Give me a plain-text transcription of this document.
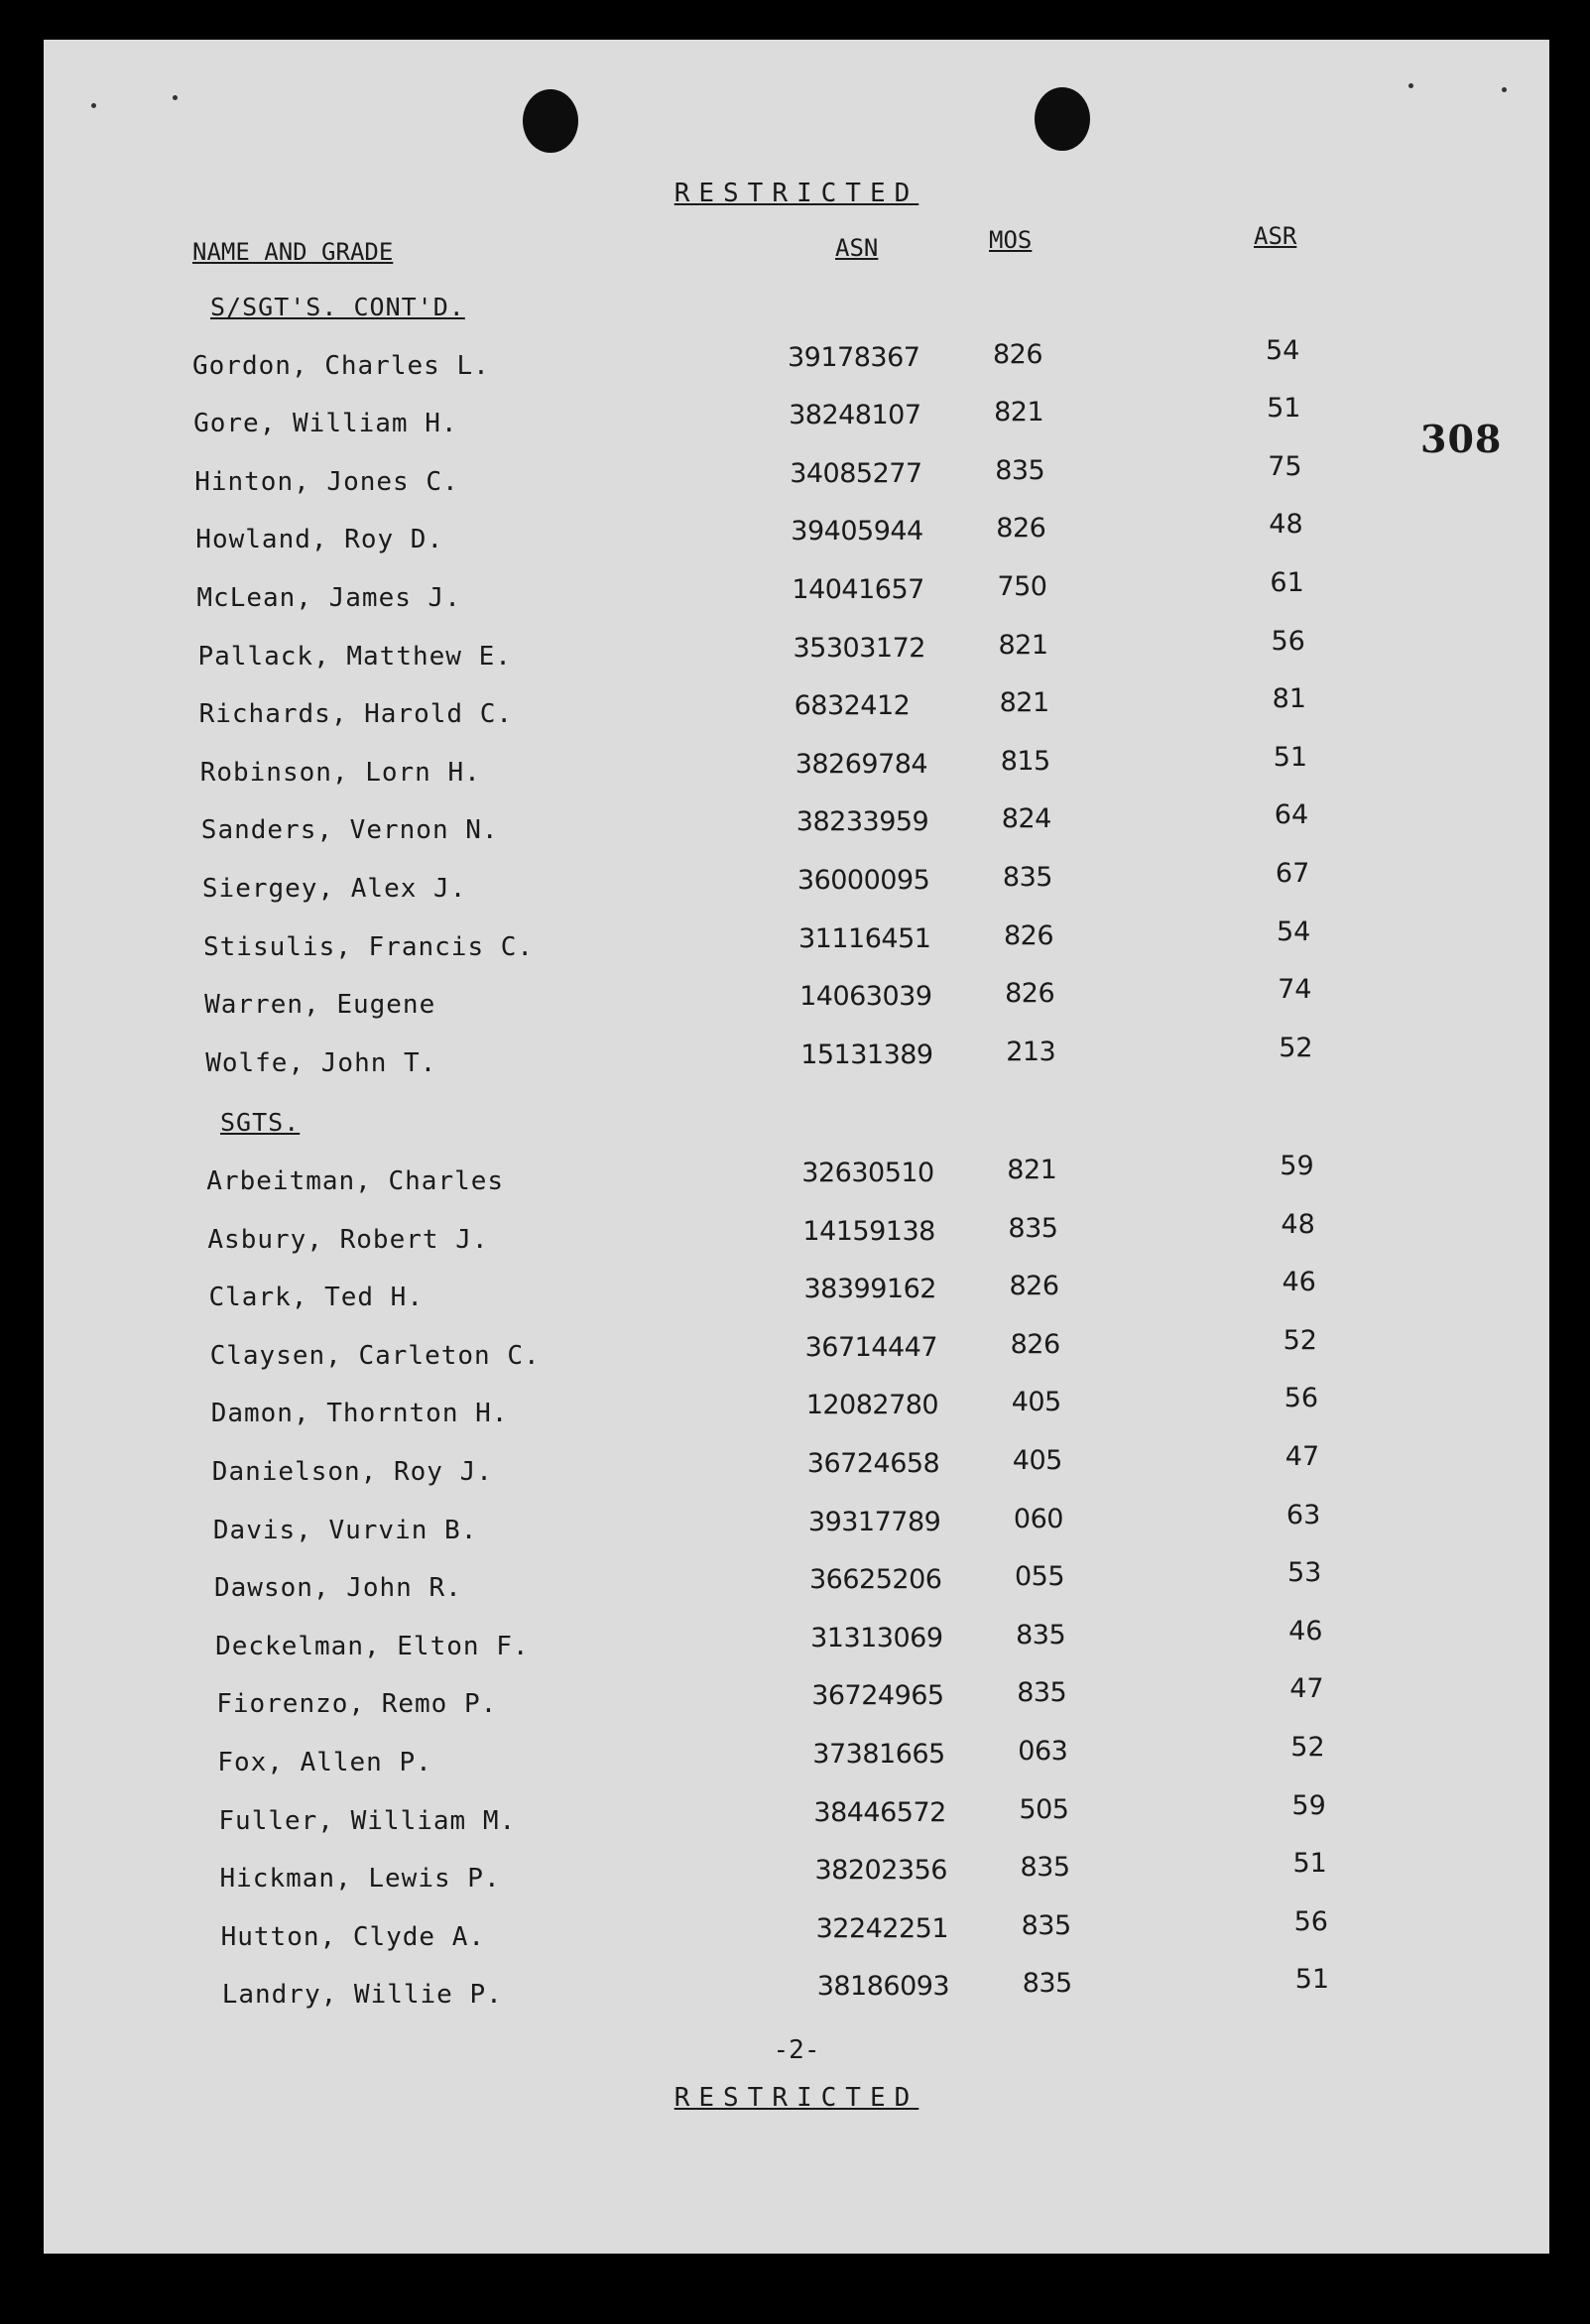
RESTRICTED
NAME AND GRADE	ASN	MOS	ASR
308
S/SGT'S. CONT'D.
Gordon, Charles L.	39178367	826	54
Gore, William H.	38248107	821	51
Hinton, Jones C.	34085277	835	75
Howland, Roy D.	39405944	826	48
McLean, James J.	14041657	750	61
Pallack, Matthew E.	35303172	821	56
Richards, Harold C.	6832412	821	81
Robinson, Lorn H.	38269784	815	51
Sanders, Vernon N.	38233959	824	64
Siergey, Alex J.	36000095	835	67
Stisulis, Francis C.	31116451	826	54
Warren, Eugene	14063039	826	74
Wolfe, John T.	15131389	213	52
SGTS.
Arbeitman, Charles	32630510	821	59
Asbury, Robert J.	14159138	835	48
Clark, Ted H.	38399162	826	46
Claysen, Carleton C.	36714447	826	52
Damon, Thornton H.	12082780	405	56
Danielson, Roy J.	36724658	405	47
Davis, Vurvin B.	39317789	060	63
Dawson, John R.	36625206	055	53
Deckelman, Elton F.	31313069	835	46
Fiorenzo, Remo P.	36724965	835	47
Fox, Allen P.	37381665	063	52
Fuller, William M.	38446572	505	59
Hickman, Lewis P.	38202356	835	51
Hutton, Clyde A.	32242251	835	56
Landry, Willie P.	38186093	835	51
-2-
RESTRICTED
